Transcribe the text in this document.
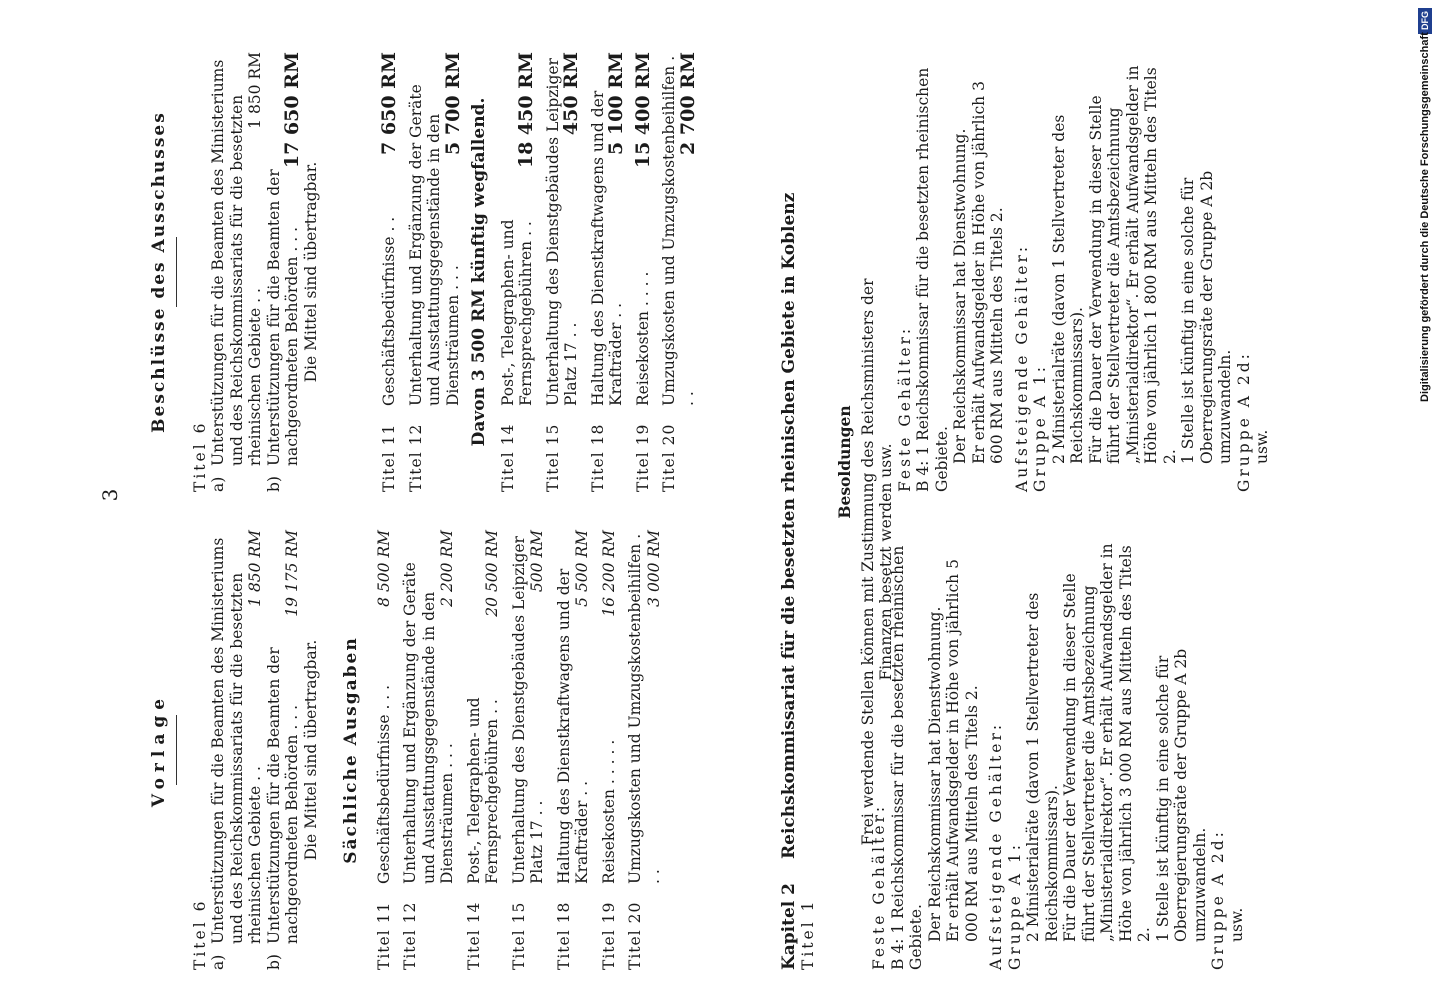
3
Vorlage
Titel 6 a)
Unterstützungen für die Beamten des Ministeriums und des Reichskommissariats für die besetzten rheinischen Gebiete . .
1 850 RM
b)
Unterstützungen für die Beamten der nachgeordneten Behörden . . .
19 175 RM
Die Mittel sind übertragbar. Sächliche Ausgaben
Titel 11
Geschäftsbedürfnisse . . .
8 500 RM
Titel 12
Unterhaltung und Ergänzung der Geräte und Ausstattungsgegenstände in den Diensträumen . . .
2 200 RM
Titel 14
Post-, Telegraphen- und Fernsprechgebühren . .
20 500 RM
Titel 15
Unterhaltung des Dienstgebäudes Leipziger Platz 17 . .
500 RM
Titel 18
Haltung des Dienstkraftwagens und der Krafträder . .
5 500 RM
Titel 19
Reisekosten . . . . .
16 200 RM
Titel 20
Umzugskosten und Umzugskostenbeihilfen . . .
3 000 RM
Beschlüsse des Ausschusses
Titel 6 a)
Unterstützungen für die Beamten des Ministeriums und des Reichskommissariats für die besetzten rheinischen Gebiete . .
1 850 RM
b)
Unterstützungen für die Beamten der nachgeordneten Behörden . . .
17 650 RM
Die Mittel sind übertragbar.
Titel 11
Geschäftsbedürfnisse . .
7 650 RM
Titel 12
Unterhaltung und Ergänzung der Geräte und Ausstattungsgegenstände in den Diensträumen . . .
5 700 RM Davon 3 500 RM künftig wegfallend.
Titel 14
Post-, Telegraphen- und Fernsprechgebühren . .
18 450 RM
Titel 15
Unterhaltung des Dienstgebäudes Leipziger Platz 17 . .
450 RM
Titel 18
Haltung des Dienstkraftwagens und der Krafträder . .
5 100 RM
Titel 19
Reisekosten . . . .
15 400 RM
Titel 20
Umzugskosten und Umzugskostenbeihilfen . . .
2 700 RM
Kapitel 2
Reichskommissariat für die besetzten rheinischen Gebiete in Koblenz
Titel 1	Feste Gehälter: B 4: 1 Reichskommissar für die besetzten rheinischen Gebiete. Der Reichskommissar hat Dienstwohnung. Er erhält Aufwandsgelder in Höhe von jährlich 5 000 RM aus Mitteln des Titels 2. Aufsteigende Gehälter: Gruppe A 1: 2 Ministerialräte (davon 1 Stellvertreter des Reichskommissars). Für die Dauer der Verwendung in dieser Stelle führt der Stellvertreter die Amtsbezeichnung „Ministerialdirektor“. Er erhält Aufwandsgelder in Höhe von jährlich 3 000 RM aus Mitteln des Titels 2. 1 Stelle ist künftig in eine solche für Oberregierungsräte der Gruppe A 2b umzuwandeln. Gruppe A 2d: usw.
Besoldungen Frei werdende Stellen können mit Zustimmung des Reichsministers der Finanzen besetzt werden usw.
Feste Gehälter: B 4: 1 Reichskommissar für die besetzten rheinischen Gebiete. Der Reichskommissar hat Dienstwohnung. Er erhält Aufwandsgelder in Höhe von jährlich 3 600 RM aus Mitteln des Titels 2. Aufsteigende Gehälter: Gruppe A 1: 2 Ministerialräte (davon 1 Stellvertreter des Reichskommissars). Für die Dauer der Verwendung in dieser Stelle führt der Stellvertreter die Amtsbezeichnung „Ministerialdirektor“. Er erhält Aufwandsgelder in Höhe von jährlich 1 800 RM aus Mitteln des Titels 2. 1 Stelle ist künftig in eine solche für Oberregierungsräte der Gruppe A 2b umzuwandeln. Gruppe A 2d: usw.
DFG
Digitalisierung gefördert durch die Deutsche Forschungsgemeinschaft
